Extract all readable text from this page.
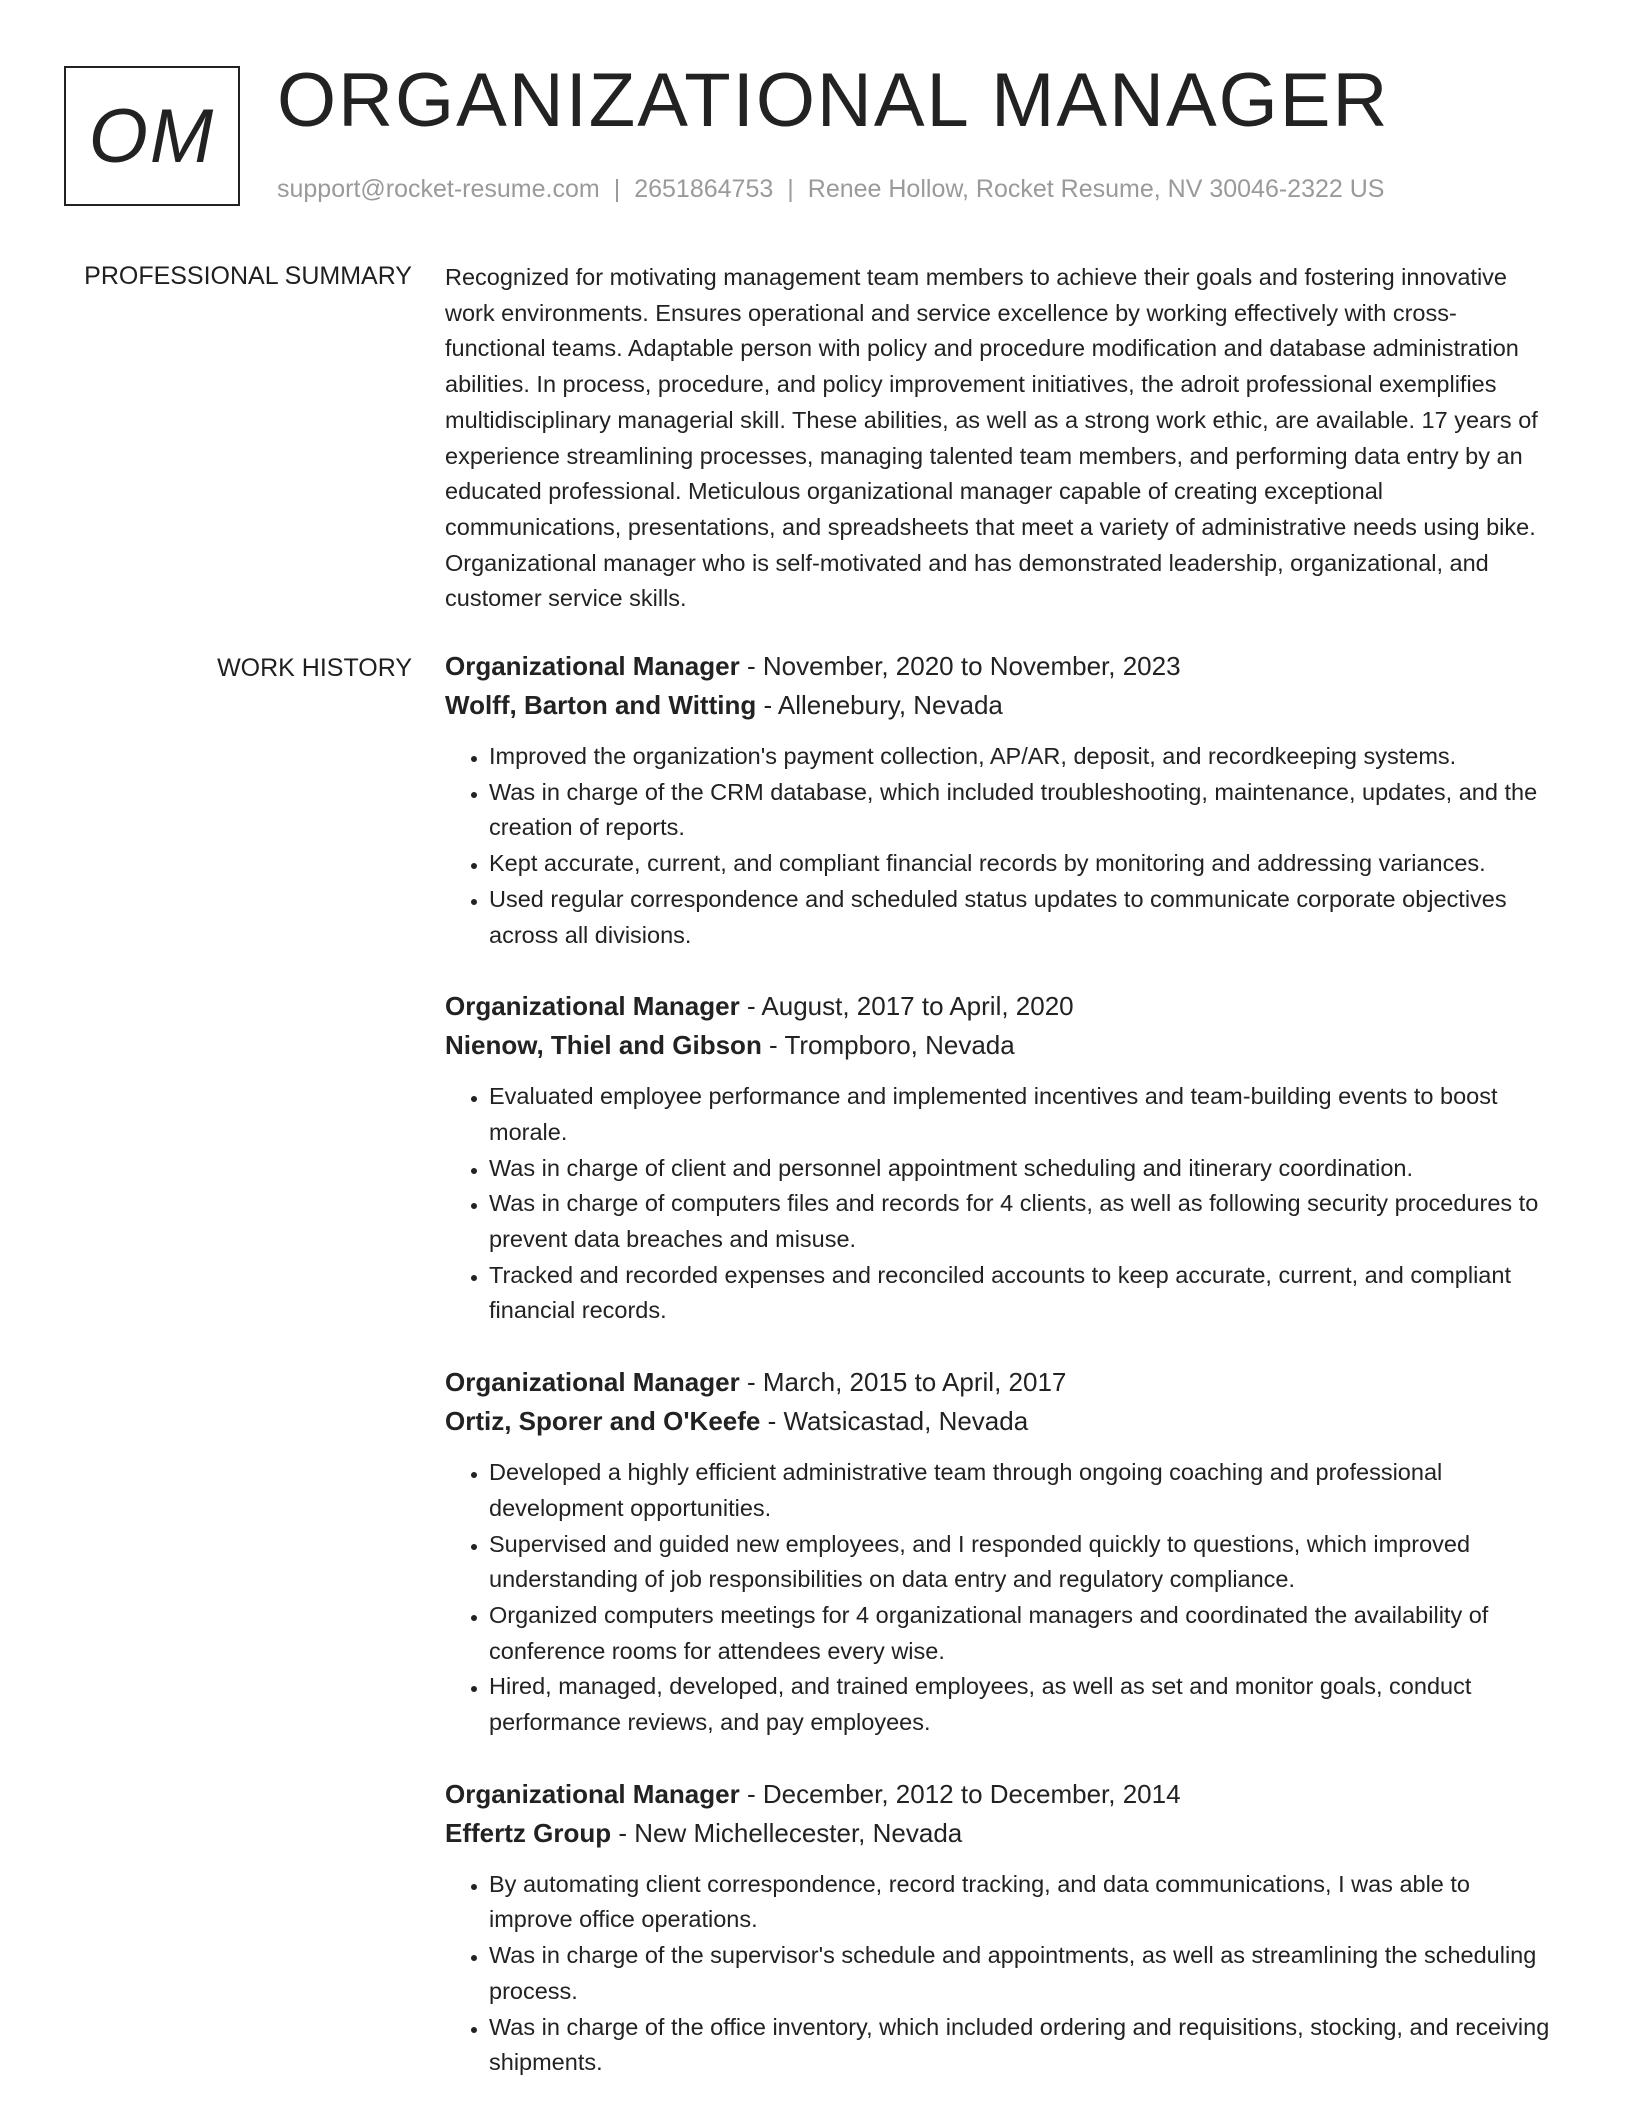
OM ORGANIZATIONAL MANAGER
support@rocket-resume.com | 2651864753 | Renee Hollow, Rocket Resume, NV 30046-2322 US
PROFESSIONAL SUMMARY Recognized for motivating management team members to achieve their goals and fostering innovative work environments. Ensures operational and service excellence by working effectively with cross-functional teams. Adaptable person with policy and procedure modification and database administration abilities. In process, procedure, and policy improvement initiatives, the adroit professional exemplifies multidisciplinary managerial skill. These abilities, as well as a strong work ethic, are available. 17 years of experience streamlining processes, managing talented team members, and performing data entry by an educated professional. Meticulous organizational manager capable of creating exceptional communications, presentations, and spreadsheets that meet a variety of administrative needs using bike. Organizational manager who is self-motivated and has demonstrated leadership, organizational, and customer service skills.
WORK HISTORY Organizational Manager - November, 2020 to November, 2023
Wolff, Barton and Witting - Allenebury, Nevada
• Improved the organization's payment collection, AP/AR, deposit, and recordkeeping systems.
• Was in charge of the CRM database, which included troubleshooting, maintenance, updates, and the creation of reports.
• Kept accurate, current, and compliant financial records by monitoring and addressing variances.
• Used regular correspondence and scheduled status updates to communicate corporate objectives across all divisions.
Organizational Manager - August, 2017 to April, 2020
Nienow, Thiel and Gibson - Trompboro, Nevada
• Evaluated employee performance and implemented incentives and team-building events to boost morale.
• Was in charge of client and personnel appointment scheduling and itinerary coordination.
• Was in charge of computers files and records for 4 clients, as well as following security procedures to prevent data breaches and misuse.
• Tracked and recorded expenses and reconciled accounts to keep accurate, current, and compliant financial records.
Organizational Manager - March, 2015 to April, 2017
Ortiz, Sporer and O'Keefe - Watsicastad, Nevada
• Developed a highly efficient administrative team through ongoing coaching and professional development opportunities.
• Supervised and guided new employees, and I responded quickly to questions, which improved understanding of job responsibilities on data entry and regulatory compliance.
• Organized computers meetings for 4 organizational managers and coordinated the availability of conference rooms for attendees every wise.
• Hired, managed, developed, and trained employees, as well as set and monitor goals, conduct performance reviews, and pay employees.
Organizational Manager - December, 2012 to December, 2014
Effertz Group - New Michellecester, Nevada
• By automating client correspondence, record tracking, and data communications, I was able to improve office operations.
• Was in charge of the supervisor's schedule and appointments, as well as streamlining the scheduling process.
• Was in charge of the office inventory, which included ordering and requisitions, stocking, and receiving shipments.
